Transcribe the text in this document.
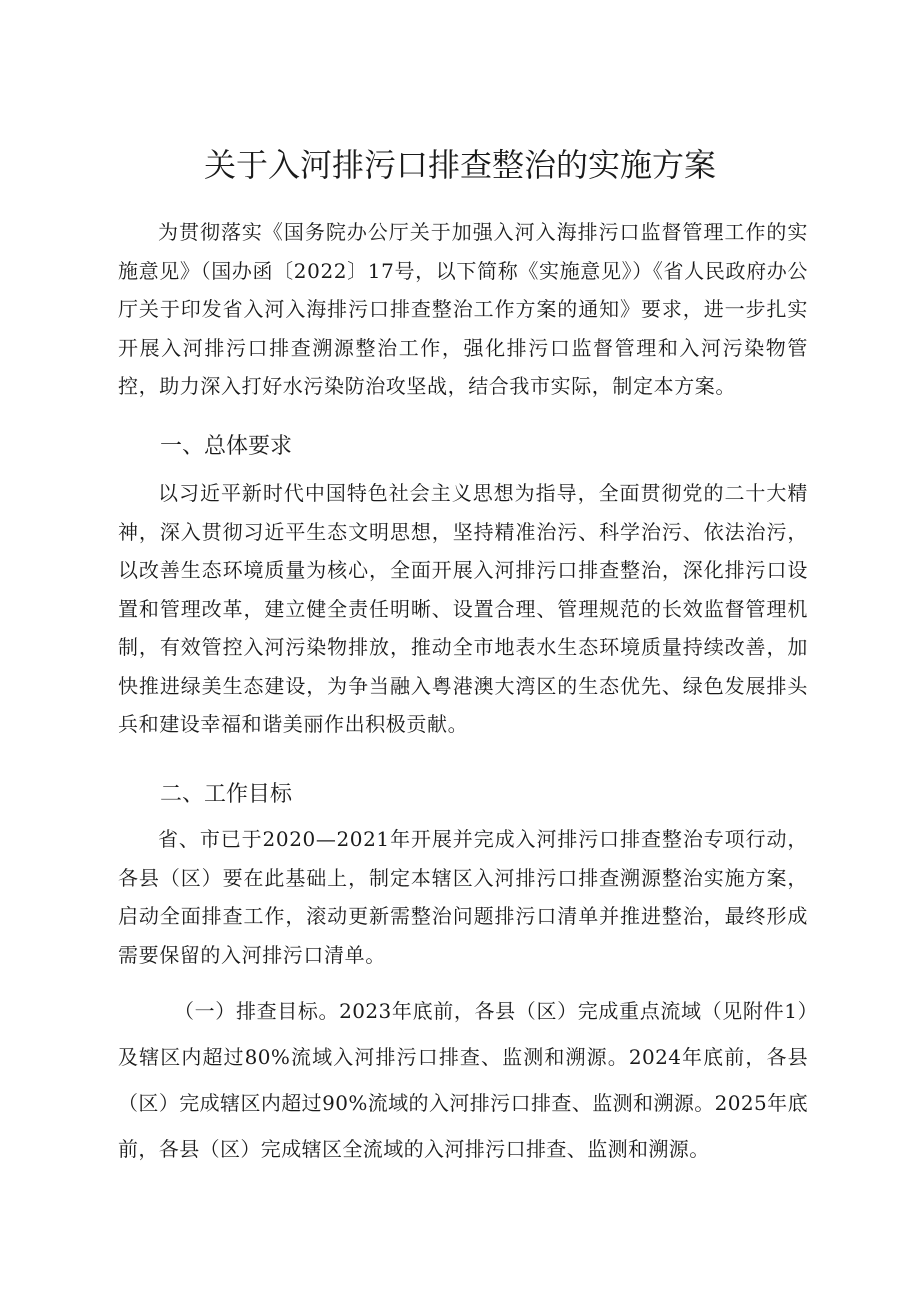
关于入河排污口排查整治的实施方案

为贯彻落实《国务院办公厅关于加强入河入海排污口监督管理工作的实施意见》（国办函〔2022〕17号，以下简称《实施意见》）《省人民政府办公厅关于印发省入河入海排污口排查整治工作方案的通知》要求，进一步扎实开展入河排污口排查溯源整治工作，强化排污口监督管理和入河污染物管控，助力深入打好水污染防治攻坚战，结合我市实际，制定本方案。

一、总体要求

以习近平新时代中国特色社会主义思想为指导，全面贯彻党的二十大精神，深入贯彻习近平生态文明思想，坚持精准治污、科学治污、依法治污，以改善生态环境质量为核心，全面开展入河排污口排查整治，深化排污口设置和管理改革，建立健全责任明晰、设置合理、管理规范的长效监督管理机制，有效管控入河污染物排放，推动全市地表水生态环境质量持续改善，加快推进绿美生态建设，为争当融入粤港澳大湾区的生态优先、绿色发展排头兵和建设幸福和谐美丽作出积极贡献。

二、工作目标

省、市已于2020—2021年开展并完成入河排污口排查整治专项行动，各县（区）要在此基础上，制定本辖区入河排污口排查溯源整治实施方案，启动全面排查工作，滚动更新需整治问题排污口清单并推进整治，最终形成需要保留的入河排污口清单。

（一）排查目标。2023年底前，各县（区）完成重点流域（见附件1）及辖区内超过80%流域入河排污口排查、监测和溯源。2024年底前，各县（区）完成辖区内超过90%流域的入河排污口排查、监测和溯源。2025年底前，各县（区）完成辖区全流域的入河排污口排查、监测和溯源。
